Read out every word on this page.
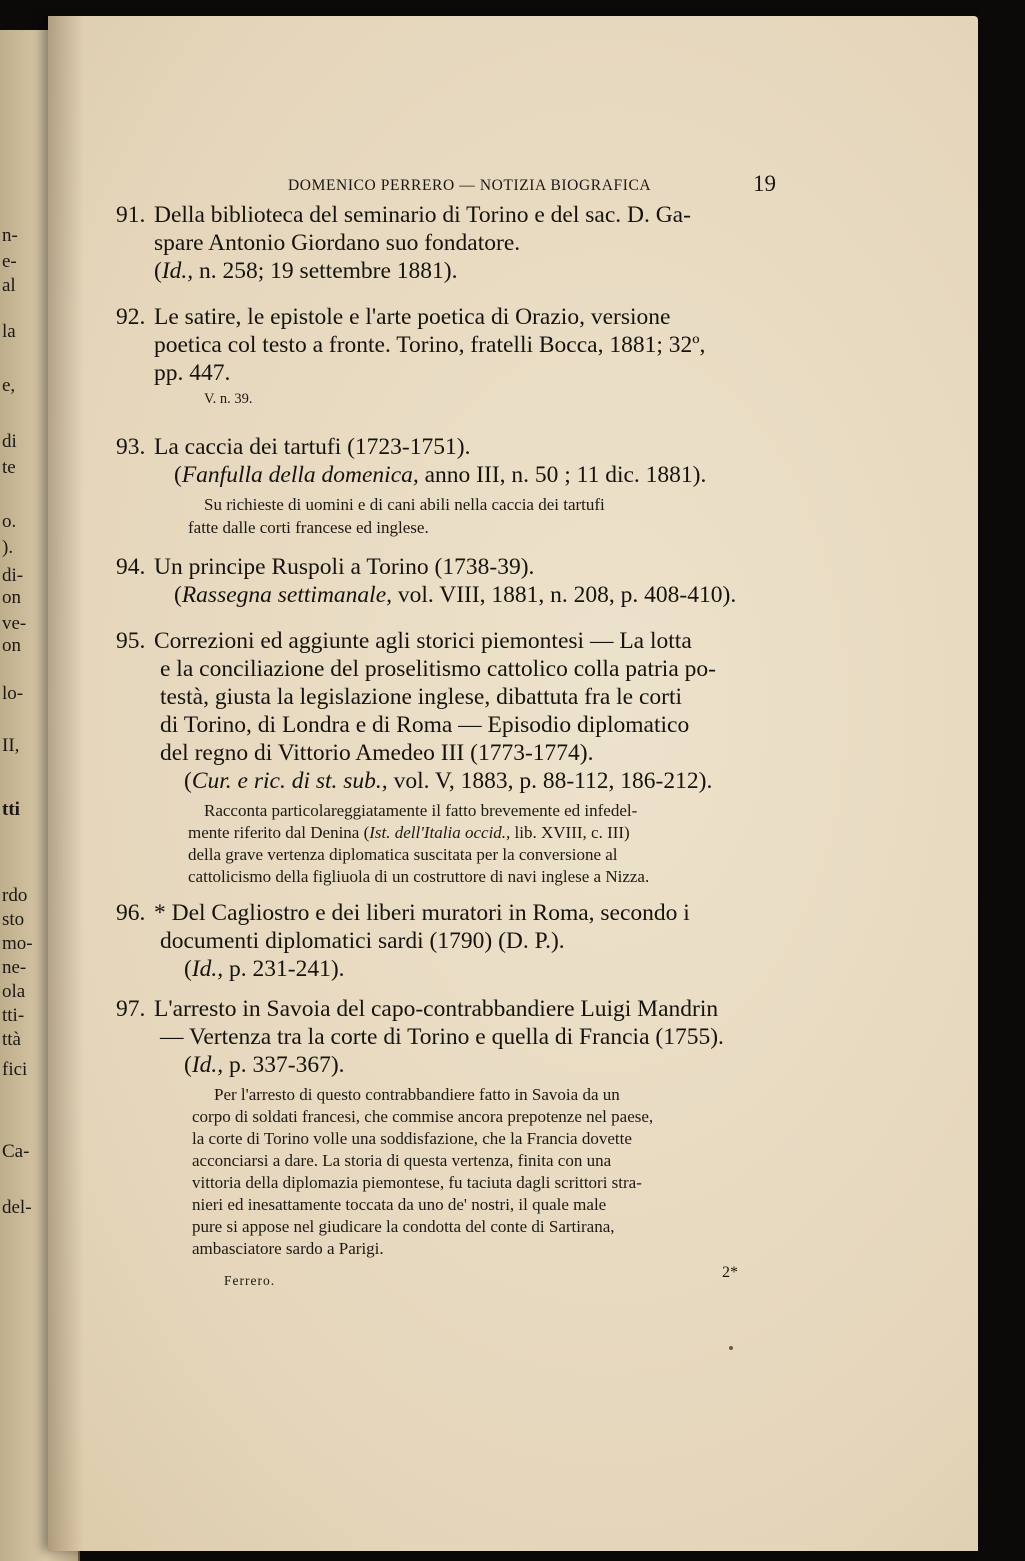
n-
e-
al
la
e,
di
te
o.
).
di-
on
ve-
on
lo-
II,
tti
rdo
sto
mo-
ne-
ola
tti-
ttà
fici
Ca-
del-
DOMENICO PERRERO — NOTIZIA BIOGRAFICA	19
91. Della biblioteca del seminario di Torino e del sac. D. Ga-
spare Antonio Giordano suo fondatore.
(Id., n. 258; 19 settembre 1881).
92. Le satire, le epistole e l'arte poetica di Orazio, versione
poetica col testo a fronte. Torino, fratelli Bocca, 1881; 32º,
pp. 447.
V. n. 39.
93. La caccia dei tartufi (1723-1751).
(Fanfulla della domenica, anno III, n. 50 ; 11 dic. 1881).
Su richieste di uomini e di cani abili nella caccia dei tartufi
fatte dalle corti francese ed inglese.
94. Un principe Ruspoli a Torino (1738-39).
(Rassegna settimanale, vol. VIII, 1881, n. 208, p. 408-410).
95. Correzioni ed aggiunte agli storici piemontesi — La lotta
e la conciliazione del proselitismo cattolico colla patria po-
testà, giusta la legislazione inglese, dibattuta fra le corti
di Torino, di Londra e di Roma — Episodio diplomatico
del regno di Vittorio Amedeo III (1773-1774).
(Cur. e ric. di st. sub., vol. V, 1883, p. 88-112, 186-212).
Racconta particolareggiatamente il fatto brevemente ed infedel-
mente riferito dal Denina (Ist. dell'Italia occid., lib. XVIII, c. III)
della grave vertenza diplomatica suscitata per la conversione al
cattolicismo della figliuola di un costruttore di navi inglese a Nizza.
96. * Del Cagliostro e dei liberi muratori in Roma, secondo i
documenti diplomatici sardi (1790) (D. P.).
(Id., p. 231-241).
97. L'arresto in Savoia del capo-contrabbandiere Luigi Mandrin
— Vertenza tra la corte di Torino e quella di Francia (1755).
(Id., p. 337-367).
Per l'arresto di questo contrabbandiere fatto in Savoia da un
corpo di soldati francesi, che commise ancora prepotenze nel paese,
la corte di Torino volle una soddisfazione, che la Francia dovette
acconciarsi a dare. La storia di questa vertenza, finita con una
vittoria della diplomazia piemontese, fu taciuta dagli scrittori stra-
nieri ed inesattamente toccata da uno de' nostri, il quale male
pure si appose nel giudicare la condotta del conte di Sartirana,
ambasciatore sardo a Parigi.
Ferrero.	2*
